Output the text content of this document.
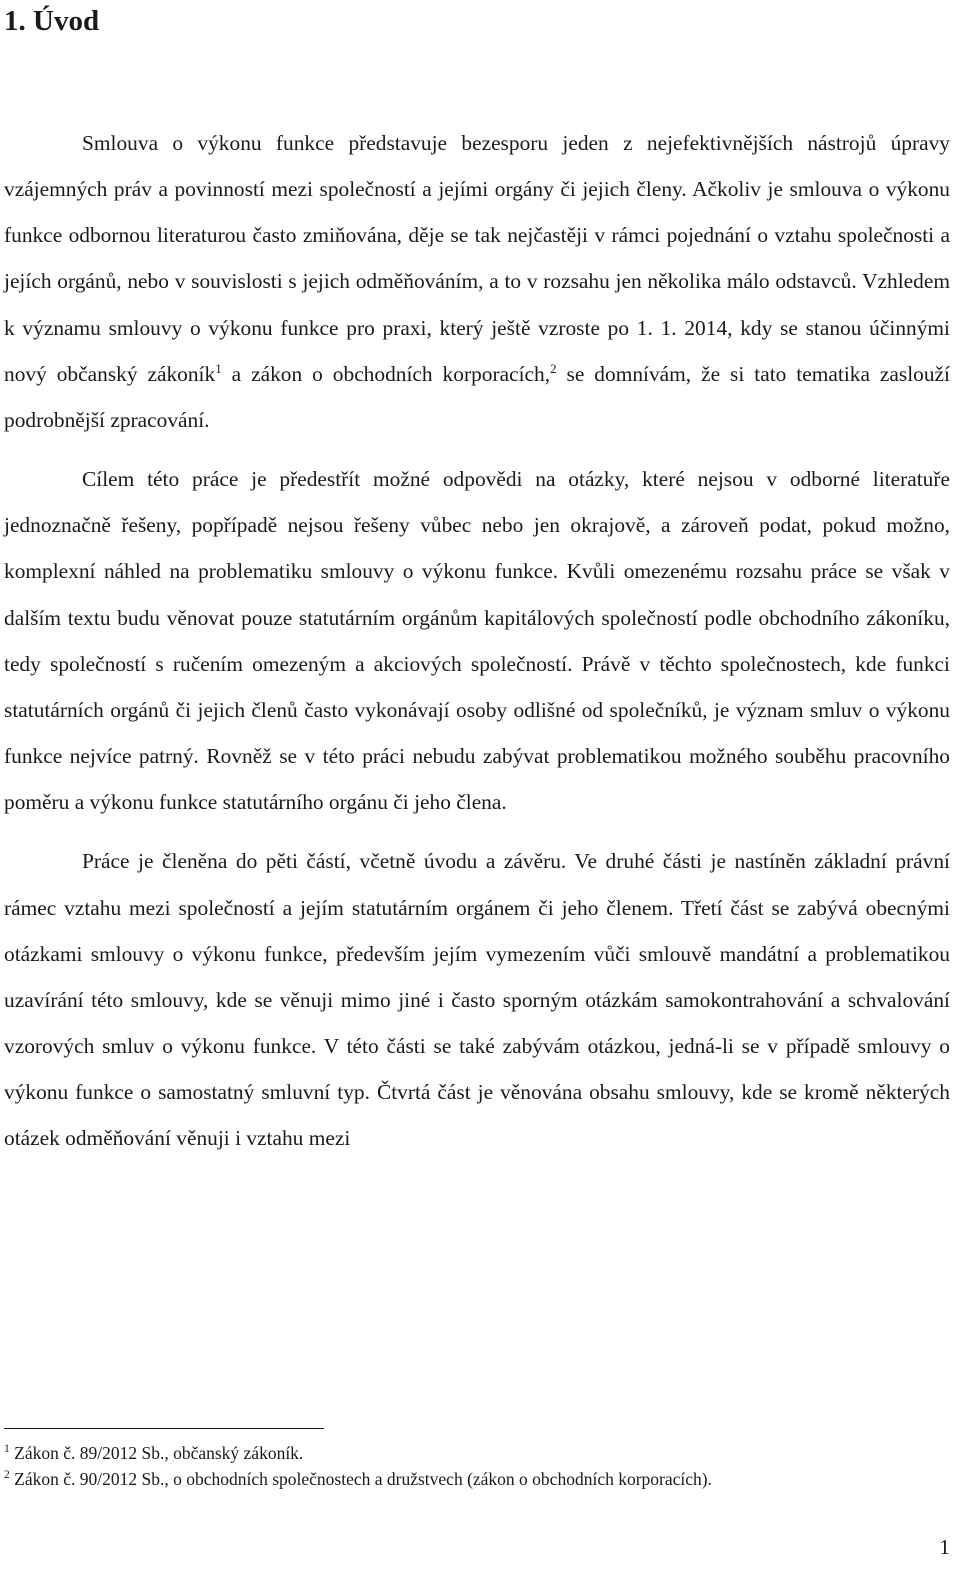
1. Úvod

Smlouva o výkonu funkce představuje bezesporu jeden z nejefektivnějších nástrojů úpravy vzájemných práv a povinností mezi společností a jejími orgány či jejich členy. Ačkoliv je smlouva o výkonu funkce odbornou literaturou často zmiňována, děje se tak nejčastěji v rámci pojednání o vztahu společnosti a jejích orgánů, nebo v souvislosti s jejich odměňováním, a to v rozsahu jen několika málo odstavců. Vzhledem k významu smlouvy o výkonu funkce pro praxi, který ještě vzroste po 1. 1. 2014, kdy se stanou účinnými nový občanský zákoník$^1$ a zákon o obchodních korporacích,$^2$ se domnívám, že si tato tematika zaslouží podrobnější zpracování.

Cílem této práce je předestřít možné odpovědi na otázky, které nejsou v odborné literatuře jednoznačně řešeny, popřípadě nejsou řešeny vůbec nebo jen okrajově, a zároveň podat, pokud možno, komplexní náhled na problematiku smlouvy o výkonu funkce. Kvůli omezenému rozsahu práce se však v dalším textu budu věnovat pouze statutárním orgánům kapitálových společností podle obchodního zákoníku, tedy společností s ručením omezeným a akciových společností. Právě v těchto společnostech, kde funkci statutárních orgánů či jejich členů často vykonávají osoby odlišné od společníků, je význam smluv o výkonu funkce nejvíce patrný. Rovněž se v této práci nebudu zabývat problematikou možného souběhu pracovního poměru a výkonu funkce statutárního orgánu či jeho člena.

Práce je členěna do pěti částí, včetně úvodu a závěru. Ve druhé části je nastíněn základní právní rámec vztahu mezi společností a jejím statutárním orgánem či jeho členem. Třetí část se zabývá obecnými otázkami smlouvy o výkonu funkce, především jejím vymezením vůči smlouvě mandátní a problematikou uzavírání této smlouvy, kde se věnuji mimo jiné i často sporným otázkám samokontrahování a schvalování vzorových smluv o výkonu funkce. V této části se také zabývám otázkou, jedná-li se v případě smlouvy o výkonu funkce o samostatný smluvní typ. Čtvrtá část je věnována obsahu smlouvy, kde se kromě některých otázek odměňování věnuji i vztahu mezi

$^1$ Zákon č. 89/2012 Sb., občanský zákoník.

$^2$ Zákon č. 90/2012 Sb., o obchodních společnostech a družstvech (zákon o obchodních korporacích).

1
